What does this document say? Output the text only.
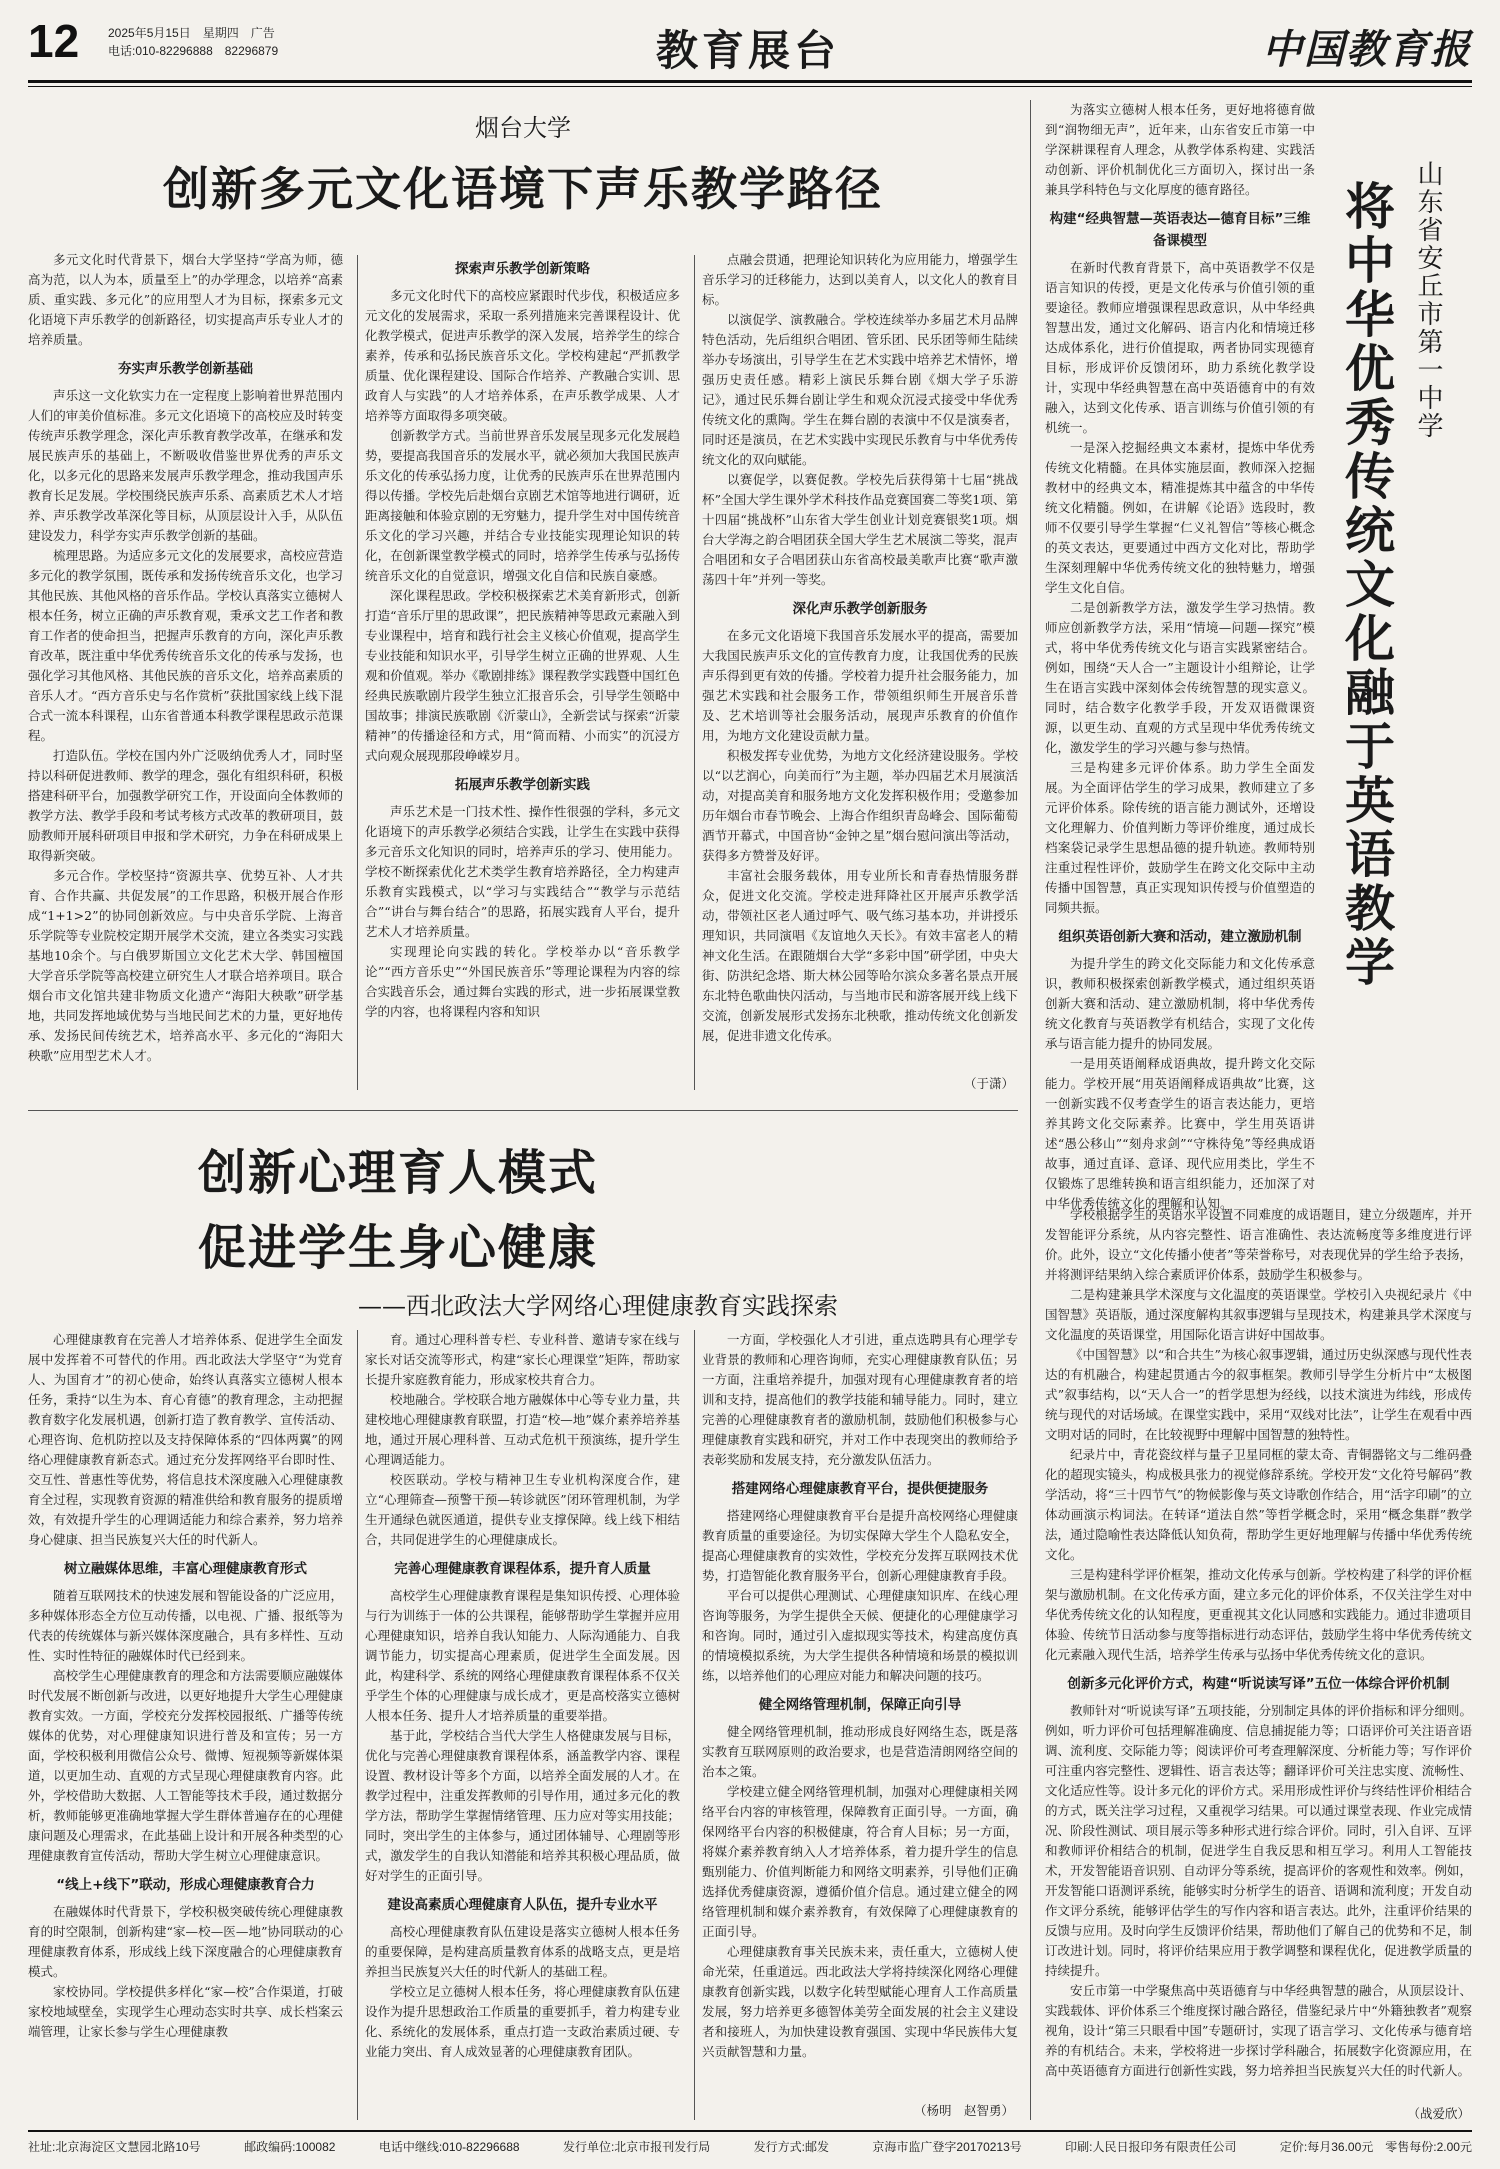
12 2025年5月15日　星期四　广告
电话:010-82296888　82296879	教育展台	中国教育报
烟台大学
创新多元文化语境下声乐教学路径

多元文化时代背景下，烟台大学坚持“学高为师，德高为范，以人为本，质量至上”的办学理念，以培养“高素质、重实践、多元化”的应用型人才为目标，探索多元文化语境下声乐教学的创新路径，切实提高声乐专业人才的培养质量。

夯实声乐教学创新基础

声乐这一文化软实力在一定程度上影响着世界范围内人们的审美价值标准。多元文化语境下的高校应及时转变传统声乐教学理念，深化声乐教育教学改革，在继承和发展民族声乐的基础上，不断吸收借鉴世界优秀的声乐文化，以多元化的思路来发展声乐教学理念，推动我国声乐教育长足发展。学校围绕民族声乐系、高素质艺术人才培养、声乐教学改革深化等目标，从顶层设计入手，从队伍建设发力，科学夯实声乐教学创新的基础。

梳理思路。为适应多元文化的发展要求，高校应营造多元化的教学氛围，既传承和发扬传统音乐文化，也学习其他民族、其他风格的音乐作品。学校认真落实立德树人根本任务，树立正确的声乐教育观，秉承文艺工作者和教育工作者的使命担当，把握声乐教育的方向，深化声乐教育改革，既注重中华优秀传统音乐文化的传承与发扬，也强化学习其他风格、其他民族的音乐文化，培养高素质的音乐人才。“西方音乐史与名作赏析”获批国家线上线下混合式一流本科课程，山东省普通本科教学课程思政示范课程。

打造队伍。学校在国内外广泛吸纳优秀人才，同时坚持以科研促进教师、教学的理念，强化有组织科研，积极搭建科研平台，加强教学研究工作，开设面向全体教师的教学方法、教学手段和考试考核方式改革的教研项目，鼓励教师开展科研项目申报和学术研究，力争在科研成果上取得新突破。

多元合作。学校坚持“资源共享、优势互补、人才共育、合作共赢、共促发展”的工作思路，积极开展合作形成“1+1>2”的协同创新效应。与中央音乐学院、上海音乐学院等专业院校定期开展学术交流，建立各类实习实践基地10余个。与白俄罗斯国立文化艺术大学、韩国檀国大学音乐学院等高校建立研究生人才联合培养项目。联合烟台市文化馆共建非物质文化遗产“海阳大秧歌”研学基地，共同发挥地域优势与当地民间艺术的力量，更好地传承、发扬民间传统艺术，培养高水平、多元化的“海阳大秧歌”应用型艺术人才。

探索声乐教学创新策略

多元文化时代下的高校应紧跟时代步伐，积极适应多元文化的发展需求，采取一系列措施来完善课程设计、优化教学模式，促进声乐教学的深入发展，培养学生的综合素养，传承和弘扬民族音乐文化。学校构建起“严抓教学质量、优化课程建设、国际合作培养、产教融合实训、思政育人与实践”的人才培养体系，在声乐教学成果、人才培养等方面取得多项突破。

创新教学方式。当前世界音乐发展呈现多元化发展趋势，要提高我国音乐的发展水平，就必须加大我国民族声乐文化的传承弘扬力度，让优秀的民族声乐在世界范围内得以传播。学校先后赴烟台京剧艺术馆等地进行调研，近距离接触和体验京剧的无穷魅力，提升学生对中国传统音乐文化的学习兴趣，并结合专业技能实现理论知识的转化，在创新课堂教学模式的同时，培养学生传承与弘扬传统音乐文化的自觉意识，增强文化自信和民族自豪感。

深化课程思政。学校积极探索艺术美育新形式，创新打造“音乐厅里的思政课”，把民族精神等思政元素融入到专业课程中，培育和践行社会主义核心价值观，提高学生专业技能和知识水平，引导学生树立正确的世界观、人生观和价值观。举办《歌剧排练》课程教学实践暨中国红色经典民族歌剧片段学生独立汇报音乐会，引导学生领略中国故事；排演民族歌剧《沂蒙山》，全新尝试与探索“沂蒙精神”的传播途径和方式，用“简而精、小而实”的沉浸方式向观众展现那段峥嵘岁月。

拓展声乐教学创新实践

声乐艺术是一门技术性、操作性很强的学科，多元文化语境下的声乐教学必须结合实践，让学生在实践中获得多元音乐文化知识的同时，培养声乐的学习、使用能力。学校不断探索优化艺术类学生教育培养路径，全力构建声乐教育实践模式，以“学习与实践结合”“教学与示范结合”“讲台与舞台结合”的思路，拓展实践育人平台，提升艺术人才培养质量。

实现理论向实践的转化。学校举办以“音乐教学论”“西方音乐史”“外国民族音乐”等理论课程为内容的综合实践音乐会，通过舞台实践的形式，进一步拓展课堂教学的内容，也将课程内容和知识

点融会贯通，把理论知识转化为应用能力，增强学生音乐学习的迁移能力，达到以美育人，以文化人的教育目标。

以演促学、演教融合。学校连续举办多届艺术月品牌特色活动，先后组织合唱团、管乐团、民乐团等师生陆续举办专场演出，引导学生在艺术实践中培养艺术情怀，增强历史责任感。精彩上演民乐舞台剧《烟大学子乐游记》，通过民乐舞台剧让学生和观众沉浸式接受中华优秀传统文化的熏陶。学生在舞台剧的表演中不仅是演奏者，同时还是演员，在艺术实践中实现民乐教育与中华优秀传统文化的双向赋能。

以赛促学，以赛促教。学校先后获得第十七届“挑战杯”全国大学生课外学术科技作品竞赛国赛二等奖1项、第十四届“挑战杯”山东省大学生创业计划竞赛银奖1项。烟台大学海之韵合唱团获全国大学生艺术展演二等奖，混声合唱团和女子合唱团获山东省高校最美歌声比赛“歌声激荡四十年”并列一等奖。

深化声乐教学创新服务

在多元文化语境下我国音乐发展水平的提高，需要加大我国民族声乐文化的宣传教育力度，让我国优秀的民族声乐得到更有效的传播。学校着力提升社会服务能力，加强艺术实践和社会服务工作，带领组织师生开展音乐普及、艺术培训等社会服务活动，展现声乐教育的价值作用，为地方文化建设贡献力量。

积极发挥专业优势，为地方文化经济建设服务。学校以“以艺润心，向美而行”为主题，举办四届艺术月展演活动，对提高美育和服务地方文化发挥积极作用；受邀参加历年烟台市春节晚会、上海合作组织青岛峰会、国际葡萄酒节开幕式，中国音协“金钟之星”烟台慰问演出等活动，获得多方赞誉及好评。

丰富社会服务载体，用专业所长和青春热情服务群众，促进文化交流。学校走进拜降社区开展声乐教学活动，带领社区老人通过呼气、吸气练习基本功，并讲授乐理知识，共同演唱《友谊地久天长》。有效丰富老人的精神文化生活。在跟随烟台大学“多彩中国”研学团，中央大街、防洪纪念塔、斯大林公园等哈尔滨众多著名景点开展东北特色歌曲快闪活动，与当地市民和游客展开线上线下交流，创新发展形式发扬东北秧歌，推动传统文化创新发展，促进非遗文化传承。

（于潇）
创新心理育人模式
促进学生身心健康
——西北政法大学网络心理健康教育实践探索

心理健康教育在完善人才培养体系、促进学生全面发展中发挥着不可替代的作用。西北政法大学坚守“为党育人、为国育才”的初心使命，始终认真落实立德树人根本任务，秉持“以生为本、育心育德”的教育理念，主动把握教育数字化发展机遇，创新打造了教育教学、宣传活动、心理咨询、危机防控以及支持保障体系的“四体两翼”的网络心理健康教育新态式。通过充分发挥网络平台即时性、交互性、普惠性等优势，将信息技术深度融入心理健康教育全过程，实现教育资源的精准供给和教育服务的提质增效，有效提升学生的心理调适能力和综合素养，努力培养身心健康、担当民族复兴大任的时代新人。

树立融媒体思维，丰富心理健康教育形式

随着互联网技术的快速发展和智能设备的广泛应用，多种媒体形态全方位互动传播，以电视、广播、报纸等为代表的传统媒体与新兴媒体深度融合，具有多样性、互动性、实时性特征的融媒体时代已经到来。

高校学生心理健康教育的理念和方法需要顺应融媒体时代发展不断创新与改进，以更好地提升大学生心理健康教育实效。一方面，学校充分发挥校园报纸、广播等传统媒体的优势，对心理健康知识进行普及和宣传；另一方面，学校积极利用微信公众号、微博、短视频等新媒体渠道，以更加生动、直观的方式呈现心理健康教育内容。此外，学校借助大数据、人工智能等技术手段，通过数据分析，教师能够更准确地掌握大学生群体普遍存在的心理健康问题及心理需求，在此基础上设计和开展各种类型的心理健康教育宣传活动，帮助大学生树立心理健康意识。

“线上+线下”联动，形成心理健康教育合力

在融媒体时代背景下，学校积极突破传统心理健康教育的时空限制，创新构建“家—校—医—地”协同联动的心理健康教育体系，形成线上线下深度融合的心理健康教育模式。

家校协同。学校提供多样化“家—校”合作渠道，打破家校地域壁垒，实现学生心理动态实时共享、成长档案云端管理，让家长参与学生心理健康教

育。通过心理科普专栏、专业科普、邀请专家在线与家长对话交流等形式，构建“家长心理课堂”矩阵，帮助家长提升家庭教育能力，形成家校共育合力。

校地融合。学校联合地方融媒体中心等专业力量，共建校地心理健康教育联盟，打造“校—地”媒介素养培养基地，通过开展心理科普、互动式危机干预演练，提升学生心理调适能力。

校医联动。学校与精神卫生专业机构深度合作，建立“心理筛查—预警干预—转诊就医”闭环管理机制，为学生开通绿色就医通道，提供专业支撑保障。线上线下相结合，共同促进学生的心理健康成长。

完善心理健康教育课程体系，提升育人质量

高校学生心理健康教育课程是集知识传授、心理体验与行为训练于一体的公共课程，能够帮助学生掌握并应用心理健康知识，培养自我认知能力、人际沟通能力、自我调节能力，切实提高心理素质，促进学生全面发展。因此，构建科学、系统的网络心理健康教育课程体系不仅关乎学生个体的心理健康与成长成才，更是高校落实立德树人根本任务、提升人才培养质量的重要举措。

基于此，学校结合当代大学生人格健康发展与目标，优化与完善心理健康教育课程体系，涵盖教学内容、课程设置、教材设计等多个方面，以培养全面发展的人才。在教学过程中，注重发挥教师的引导作用，通过多元化的教学方法，帮助学生掌握情绪管理、压力应对等实用技能；同时，突出学生的主体参与，通过团体辅导、心理剧等形式，激发学生的自我认知潜能和培养其积极心理品质，做好对学生的正面引导。

建设高素质心理健康育人队伍，提升专业水平

高校心理健康教育队伍建设是落实立德树人根本任务的重要保障，是构建高质量教育体系的战略支点，更是培养担当民族复兴大任的时代新人的基础工程。

学校立足立德树人根本任务，将心理健康教育队伍建设作为提升思想政治工作质量的重要抓手，着力构建专业化、系统化的发展体系，重点打造一支政治素质过硬、专业能力突出、育人成效显著的心理健康教育团队。

一方面，学校强化人才引进，重点选聘具有心理学专业背景的教师和心理咨询师，充实心理健康教育队伍；另一方面，注重培养提升，加强对现有心理健康教育者的培训和支持，提高他们的教学技能和辅导能力。同时，建立完善的心理健康教育者的激励机制，鼓励他们积极参与心理健康教育实践和研究，并对工作中表现突出的教师给予表彰奖励和发展支持，充分激发队伍活力。

搭建网络心理健康教育平台，提供便捷服务

搭建网络心理健康教育平台是提升高校网络心理健康教育质量的重要途径。为切实保障大学生个人隐私安全，提高心理健康教育的实效性，学校充分发挥互联网技术优势，打造智能化教育服务平台，创新心理健康教育手段。

平台可以提供心理测试、心理健康知识库、在线心理咨询等服务，为学生提供全天候、便捷化的心理健康学习和咨询。同时，通过引入虚拟现实等技术，构建高度仿真的情境模拟系统，为大学生提供各种情境和场景的模拟训练，以培养他们的心理应对能力和解决问题的技巧。

健全网络管理机制，保障正向引导

健全网络管理机制，推动形成良好网络生态，既是落实教育互联网原则的政治要求，也是营造清朗网络空间的治本之策。

学校建立健全网络管理机制，加强对心理健康相关网络平台内容的审核管理，保障教育正面引导。一方面，确保网络平台内容的积极健康，符合育人目标；另一方面，将媒介素养教育纳入人才培养体系，着力提升学生的信息甄别能力、价值判断能力和网络文明素养，引导他们正确选择优秀健康资源，遵循价值介信息。通过建立健全的网络管理机制和媒介素养教育，有效保障了心理健康教育的正面引导。

心理健康教育事关民族未来，责任重大，立德树人使命光荣，任重道远。西北政法大学将持续深化网络心理健康教育创新实践，以数字化转型赋能心理育人工作高质量发展，努力培养更多德智体美劳全面发展的社会主义建设者和接班人，为加快建设教育强国、实现中华民族伟大复兴贡献智慧和力量。

（杨明　赵智勇）
山东省安丘市第一中学
将中华优秀传统文化融于英语教学

为落实立德树人根本任务，更好地将德育做到“润物细无声”，近年来，山东省安丘市第一中学深耕课程育人理念，从教学体系构建、实践活动创新、评价机制优化三方面切入，探讨出一条兼具学科特色与文化厚度的德育路径。

构建“经典智慧—英语表达—德育目标”三维备课模型

在新时代教育背景下，高中英语教学不仅是语言知识的传授，更是文化传承与价值引领的重要途径。教师应增强课程思政意识，从中华经典智慧出发，通过文化解码、语言内化和情境迁移达成体系化，进行价值提取，两者协同实现德育目标，形成评价反馈闭环，助力系统化教学设计，实现中华经典智慧在高中英语德育中的有效融入，达到文化传承、语言训练与价值引领的有机统一。

一是深入挖掘经典文本素材，提炼中华优秀传统文化精髓。在具体实施层面，教师深入挖掘教材中的经典文本，精准提炼其中蕴含的中华传统文化精髓。例如，在讲解《论语》选段时，教师不仅要引导学生掌握“仁义礼智信”等核心概念的英文表达，更要通过中西方文化对比，帮助学生深刻理解中华优秀传统文化的独特魅力，增强学生文化自信。

二是创新教学方法，激发学生学习热情。教师应创新教学方法，采用“情境—问题—探究”模式，将中华优秀传统文化与语言实践紧密结合。例如，围绕“天人合一”主题设计小组辩论，让学生在语言实践中深刻体会传统智慧的现实意义。同时，结合数字化教学手段，开发双语微课资源，以更生动、直观的方式呈现中华优秀传统文化，激发学生的学习兴趣与参与热情。

三是构建多元评价体系。助力学生全面发展。为全面评估学生的学习成果，教师建立了多元评价体系。除传统的语言能力测试外，还增设文化理解力、价值判断力等评价维度，通过成长档案袋记录学生思想品德的提升轨迹。教师特别注重过程性评价，鼓励学生在跨文化交际中主动传播中国智慧，真正实现知识传授与价值塑造的同频共振。

组织英语创新大赛和活动，建立激励机制

为提升学生的跨文化交际能力和文化传承意识，教师积极探索创新教学模式，通过组织英语创新大赛和活动、建立激励机制，将中华优秀传统文化教育与英语教学有机结合，实现了文化传承与语言能力提升的协同发展。

一是用英语阐释成语典故，提升跨文化交际能力。学校开展“用英语阐释成语典故”比赛，这一创新实践不仅考查学生的语言表达能力，更培养其跨文化交际素养。比赛中，学生用英语讲述“愚公移山”“刻舟求剑”“守株待兔”等经典成语故事，通过直译、意译、现代应用类比，学生不仅锻炼了思维转换和语言组织能力，还加深了对中华优秀传统文化的理解和认知。

学校根据学生的英语水平设置不同难度的成语题目，建立分级题库，并开发智能评分系统，从内容完整性、语言准确性、表达流畅度等多维度进行评价。此外，设立“文化传播小使者”等荣誉称号，对表现优异的学生给予表扬，并将测评结果纳入综合素质评价体系，鼓励学生积极参与。

二是构建兼具学术深度与文化温度的英语课堂。学校引入央视纪录片《中国智慧》英语版，通过深度解构其叙事逻辑与呈现技术，构建兼具学术深度与文化温度的英语课堂，用国际化语言讲好中国故事。

《中国智慧》以“和合共生”为核心叙事逻辑，通过历史纵深感与现代性表达的有机融合，构建起贯通古今的叙事框架。教师引导学生分析片中“太极图式”叙事结构，以“天人合一”的哲学思想为经线，以技术演进为纬线，形成传统与现代的对话场域。在课堂实践中，采用“双线对比法”，让学生在观看中西文明对话的同时，在比较视野中理解中国智慧的独特性。

纪录片中，青花瓷纹样与量子卫星同框的蒙太奇、青铜器铭文与二维码叠化的超现实镜头，构成极具张力的视觉修辞系统。学校开发“文化符号解码”教学活动，将“三十四节气”的物候影像与英文诗歌创作结合，用“活字印刷”的立体动画演示构词法。在转译“道法自然”等哲学概念时，采用“概念集群”教学法，通过隐喻性表达降低认知负荷，帮助学生更好地理解与传播中华优秀传统文化。

三是构建科学评价框架，推动文化传承与创新。学校构建了科学的评价框架与激励机制。在文化传承方面，建立多元化的评价体系，不仅关注学生对中华优秀传统文化的认知程度，更重视其文化认同感和实践能力。通过非遗项目体验、传统节日活动参与度等指标进行动态评估，鼓励学生将中华优秀传统文化元素融入现代生活，培养学生传承与弘扬中华优秀传统文化的意识。

创新多元化评价方式，构建“听说读写译”五位一体综合评价机制

教师针对“听说读写译”五项技能，分别制定具体的评价指标和评分细则。例如，听力评价可包括理解准确度、信息捕捉能力等；口语评价可关注语音语调、流利度、交际能力等；阅读评价可考查理解深度、分析能力等；写作评价可注重内容完整性、逻辑性、语言表达等；翻译评价可关注忠实度、流畅性、文化适应性等。设计多元化的评价方式。采用形成性评价与终结性评价相结合的方式，既关注学习过程，又重视学习结果。可以通过课堂表现、作业完成情况、阶段性测试、项目展示等多种形式进行综合评价。同时，引入自评、互评和教师评价相结合的机制，促进学生自我反思和相互学习。利用人工智能技术，开发智能语音识别、自动评分等系统，提高评价的客观性和效率。例如，开发智能口语测评系统，能够实时分析学生的语音、语调和流利度；开发自动作文评分系统，能够评估学生的写作内容和语言表达。此外，注重评价结果的反馈与应用。及时向学生反馈评价结果，帮助他们了解自己的优势和不足，制订改进计划。同时，将评价结果应用于教学调整和课程优化，促进教学质量的持续提升。

安丘市第一中学聚焦高中英语德育与中华经典智慧的融合，从顶层设计、实践载体、评价体系三个维度探讨融合路径，借鉴纪录片中“外籍独教者”观察视角，设计“第三只眼看中国”专题研讨，实现了语言学习、文化传承与德育培养的有机结合。未来，学校将进一步探讨学科融合，拓展数字化资源应用，在高中英语德育方面进行创新性实践，努力培养担当民族复兴大任的时代新人。

（战爱欣）
社址:北京海淀区文慧园北路10号	邮政编码:100082	电话中继线:010-82296688	发行单位:北京市报刊发行局	发行方式:邮发	京海市监广登字20170213号	印刷:人民日报印务有限责任公司	定价:每月36.00元　零售每份:2.00元
